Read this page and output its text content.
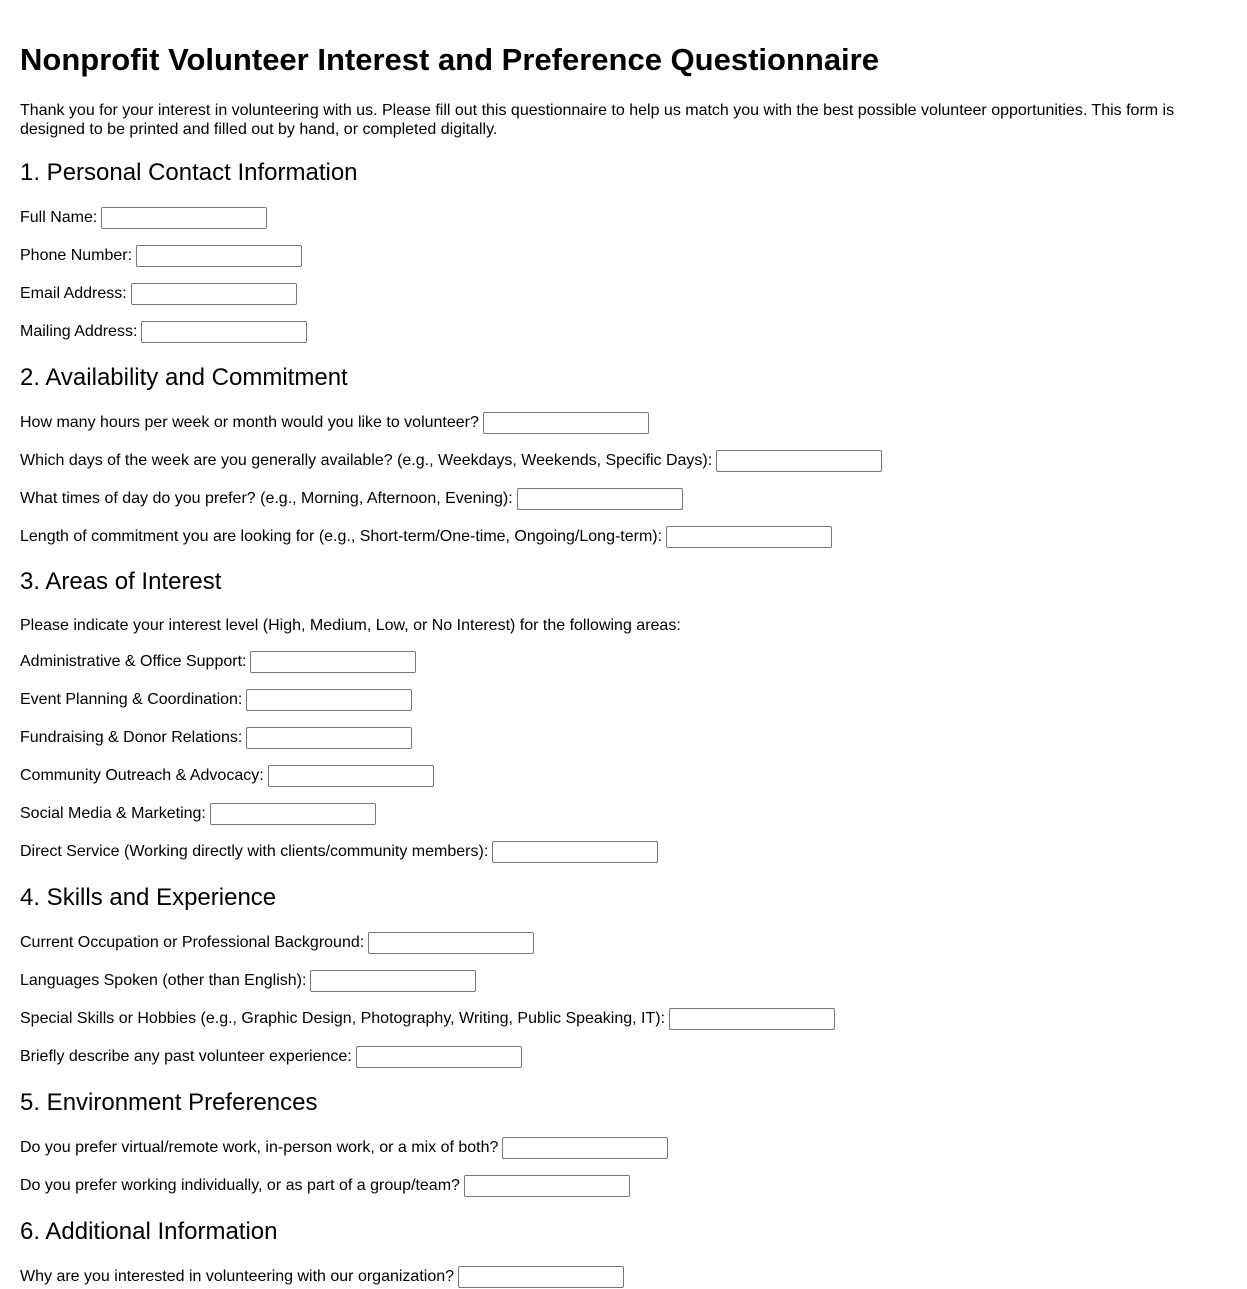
Nonprofit Volunteer Interest and Preference Questionnaire

Thank you for your interest in volunteering with us. Please fill out this questionnaire to help us match you with the best possible volunteer opportunities. This form is designed to be printed and filled out by hand, or completed digitally.

1. Personal Contact Information
Full Name:
Phone Number:
Email Address:
Mailing Address:
2. Availability and Commitment
How many hours per week or month would you like to volunteer?
Which days of the week are you generally available? (e.g., Weekdays, Weekends, Specific Days):
What times of day do you prefer? (e.g., Morning, Afternoon, Evening):
Length of commitment you are looking for (e.g., Short-term/One-time, Ongoing/Long-term):
3. Areas of Interest
Please indicate your interest level (High, Medium, Low, or No Interest) for the following areas:
Administrative & Office Support:
Event Planning & Coordination:
Fundraising & Donor Relations:
Community Outreach & Advocacy:
Social Media & Marketing:
Direct Service (Working directly with clients/community members):
4. Skills and Experience
Current Occupation or Professional Background:
Languages Spoken (other than English):
Special Skills or Hobbies (e.g., Graphic Design, Photography, Writing, Public Speaking, IT):
Briefly describe any past volunteer experience:
5. Environment Preferences
Do you prefer virtual/remote work, in-person work, or a mix of both?
Do you prefer working individually, or as part of a group/team?
6. Additional Information
Why are you interested in volunteering with our organization?
